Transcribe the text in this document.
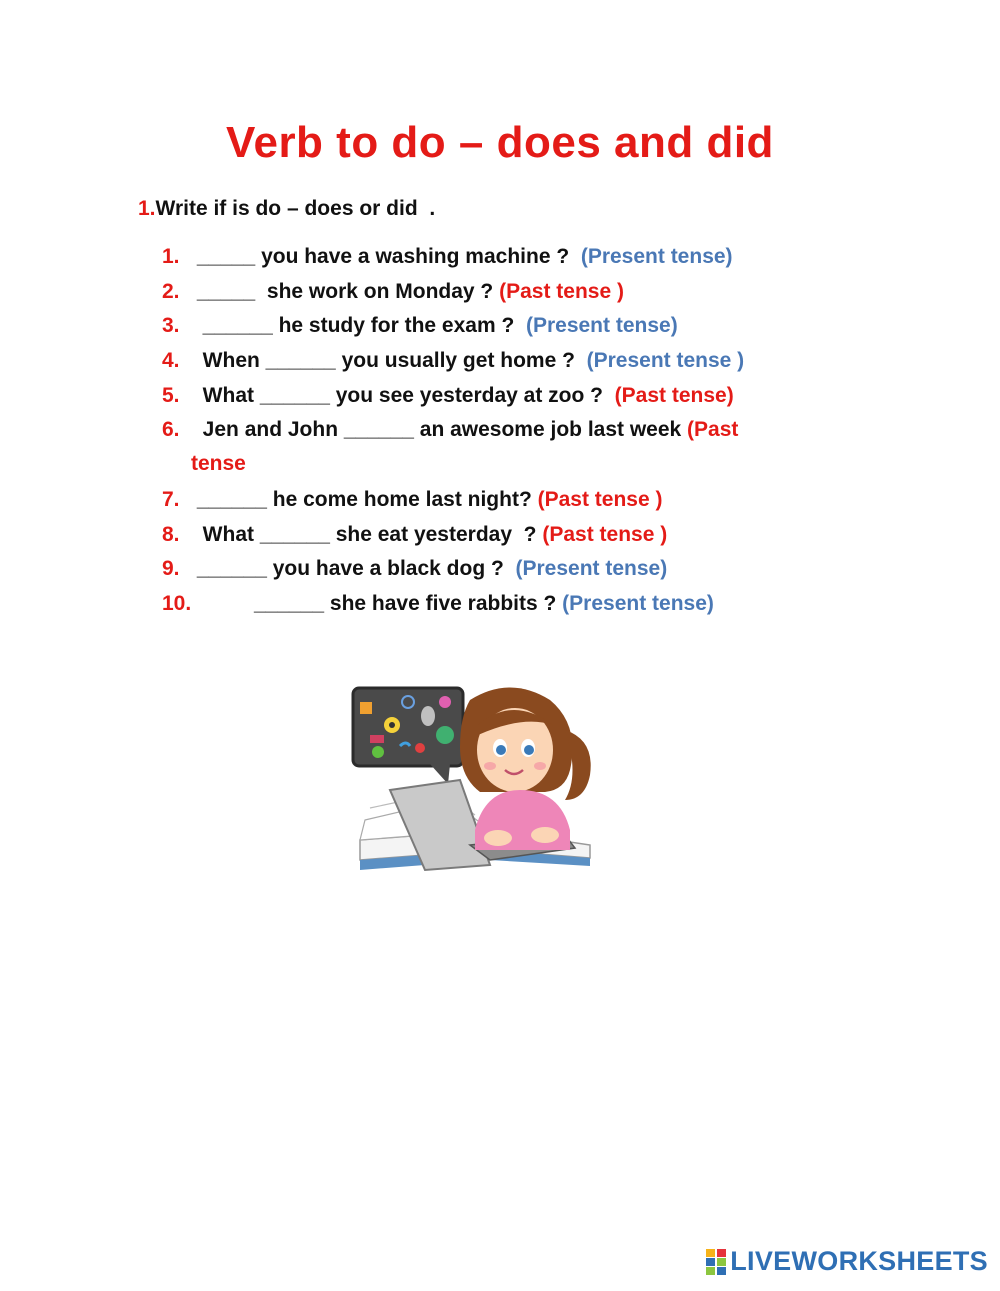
Verb to do – does and did
1.Write if is do – does or did  .
1. _____ you have a washing machine ?  (Present tense)
2. _____  she work on Monday ? (Past tense )
3.  ______ he study for the exam ?  (Present tense)
4.  When ______ you usually get home ?  (Present tense )
5.  What ______ you see yesterday at zoo ?  (Past tense)
6.  Jen and John ______ an awesome job last week (Past
tense
7. ______ he come home last night? (Past tense )
8.  What ______ she eat yesterday  ? (Past tense )
9. ______ you have a black dog ?  (Present tense)
10.	______ she have five rabbits ? (Present tense)
LIVEWORKSHEETS
